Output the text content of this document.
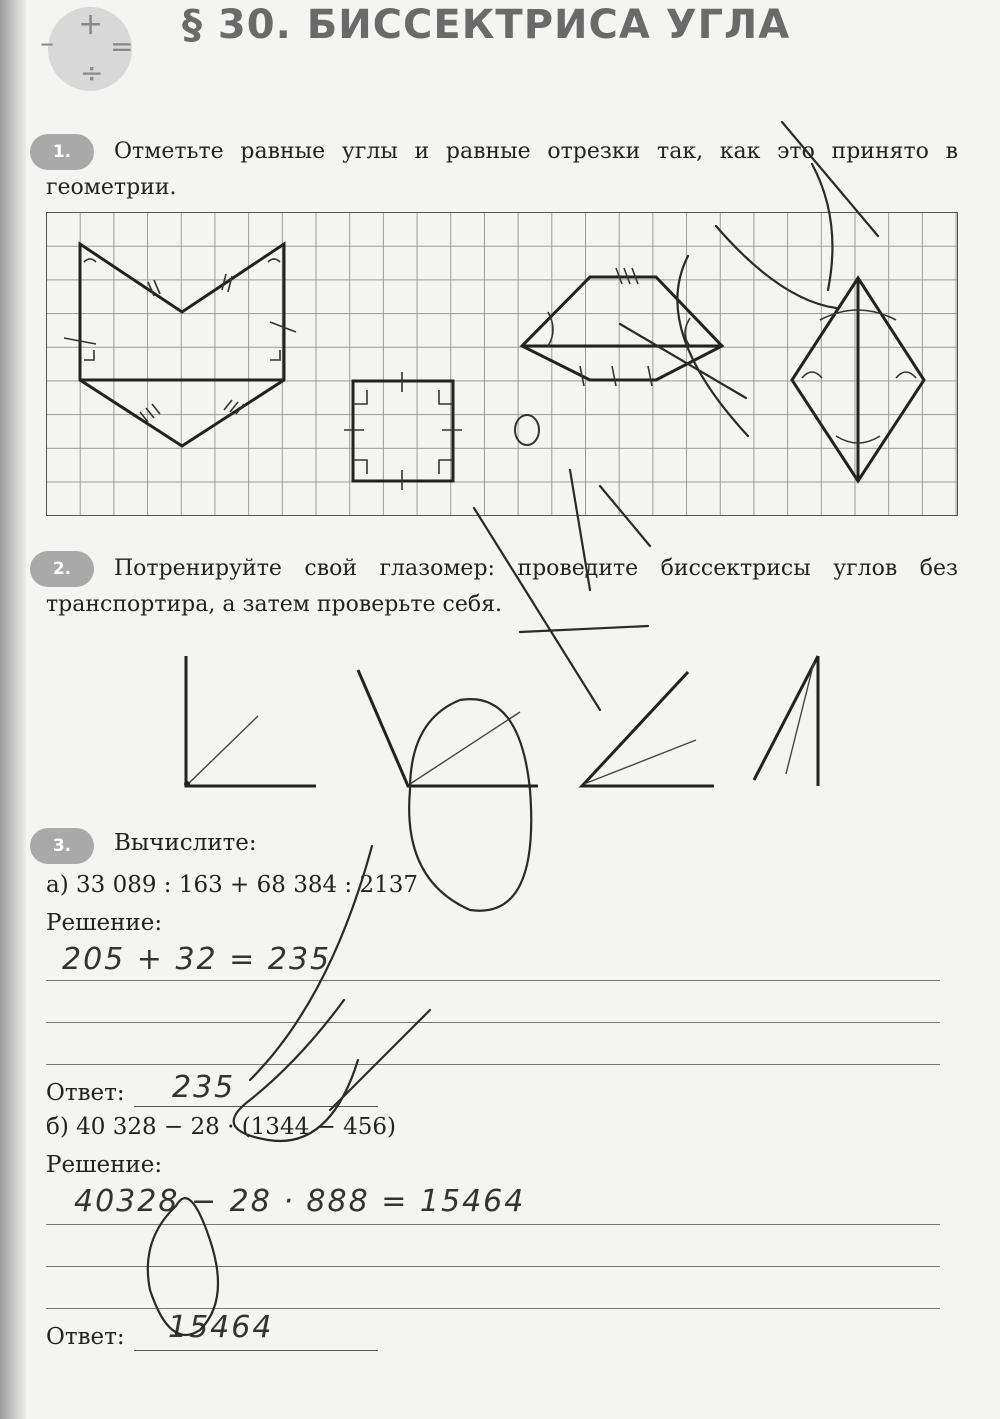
–
+
=
÷
§ 30. БИССЕКТРИСА УГЛА
1.	Отметьте равные углы и равные отрезки так, как это принято в геометрии.
2.	Потренируйте свой глазомер: проведите биссектрисы углов без транспортира, а затем проверьте себя.
3.	Вычислите:
а) 33 089 : 163 + 68 384 : 2137
Решение:
205 + 32 = 235
Ответ: 235
б) 40 328 − 28 · (1344 − 456)
Решение:
40328 − 28 · 888 = 15464
Ответ: 15464
